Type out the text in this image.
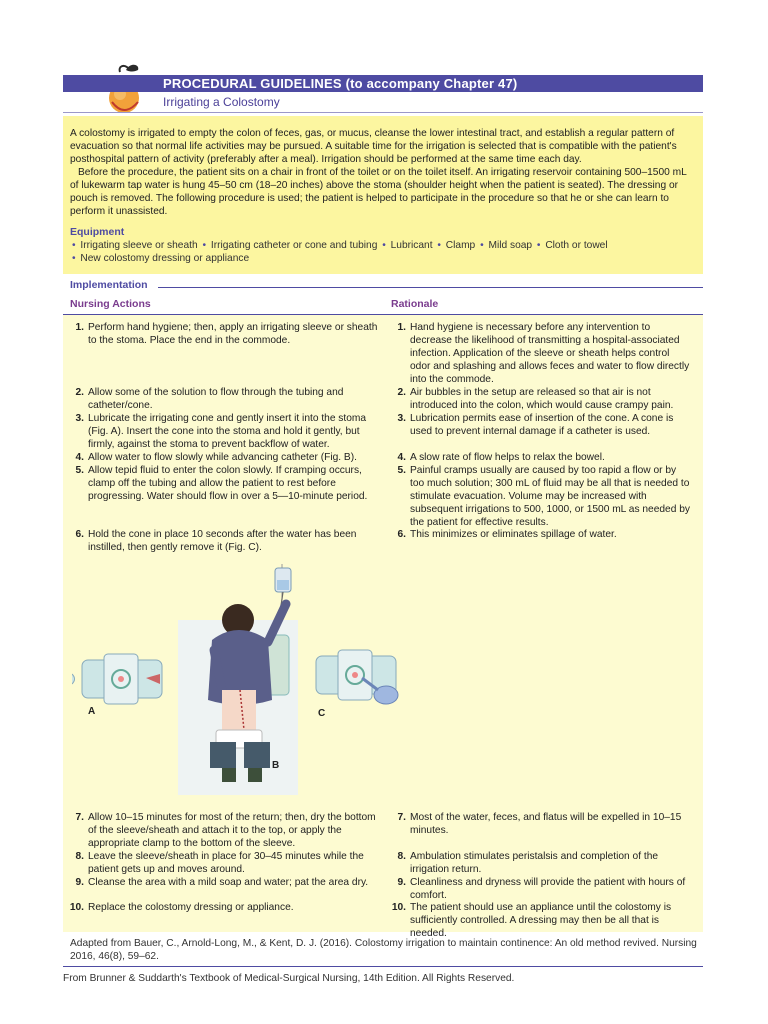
PROCEDURAL GUIDELINES (to accompany Chapter 47)
Irrigating a Colostomy

A colostomy is irrigated to empty the colon of feces, gas, or mucus, cleanse the lower intestinal tract, and establish a regular pattern of evacuation so that normal life activities may be pursued. A suitable time for the irrigation is selected that is compatible with the patient's posthospital pattern of activity (preferably after a meal). Irrigation should be performed at the same time each day.

Before the procedure, the patient sits on a chair in front of the toilet or on the toilet itself. An irrigating reservoir containing 500–1500 mL of lukewarm tap water is hung 45–50 cm (18–20 inches) above the stoma (shoulder height when the patient is seated). The dressing or pouch is removed. The following procedure is used; the patient is helped to participate in the procedure so that he or she can learn to perform it unassisted.

Equipment
• Irrigating sleeve or sheath • Irrigating catheter or cone and tubing • Lubricant • Clamp • Mild soap • Cloth or towel
• New colostomy dressing or appliance
Implementation
Nursing Actions	Rationale
1. Perform hand hygiene; then, apply an irrigating sleeve or sheath to the stoma. Place the end in the commode.
2. Allow some of the solution to flow through the tubing and catheter/cone.
3. Lubricate the irrigating cone and gently insert it into the stoma (Fig. A). Insert the cone into the stoma and hold it gently, but firmly, against the stoma to prevent backflow of water.
4. Allow water to flow slowly while advancing catheter (Fig. B).
5. Allow tepid fluid to enter the colon slowly. If cramping occurs, clamp off the tubing and allow the patient to rest before progressing. Water should flow in over a 5—10-minute period.
6. Hold the cone in place 10 seconds after the water has been instilled, then gently remove it (Fig. C).
7. Allow 10–15 minutes for most of the return; then, dry the bottom of the sleeve/sheath and attach it to the top, or apply the appropriate clamp to the bottom of the sleeve.
8. Leave the sleeve/sheath in place for 30–45 minutes while the patient gets up and moves around.
9. Cleanse the area with a mild soap and water; pat the area dry.
10. Replace the colostomy dressing or appliance.
1. Hand hygiene is necessary before any intervention to decrease the likelihood of transmitting a hospital-associated infection. Application of the sleeve or sheath helps control odor and splashing and allows feces and water to flow directly into the commode.
2. Air bubbles in the setup are released so that air is not introduced into the colon, which would cause crampy pain.
3. Lubrication permits ease of insertion of the cone. A cone is used to prevent internal damage if a catheter is used.
4. A slow rate of flow helps to relax the bowel.
5. Painful cramps usually are caused by too rapid a flow or by too much solution; 300 mL of fluid may be all that is needed to stimulate evacuation. Volume may be increased with subsequent irrigations to 500, 1000, or 1500 mL as needed by the patient for effective results.
6. This minimizes or eliminates spillage of water.
7. Most of the water, feces, and flatus will be expelled in 10–15 minutes.
8. Ambulation stimulates peristalsis and completion of the irrigation return.
9. Cleanliness and dryness will provide the patient with hours of comfort.
10. The patient should use an appliance until the colostomy is sufficiently controlled. A dressing may then be all that is needed.
A
B
C
Adapted from Bauer, C., Arnold-Long, M., & Kent, D. J. (2016). Colostomy irrigation to maintain continence: An old method revived. Nursing 2016, 46(8), 59–62.
From Brunner & Suddarth's Textbook of Medical-Surgical Nursing, 14th Edition. All Rights Reserved.
